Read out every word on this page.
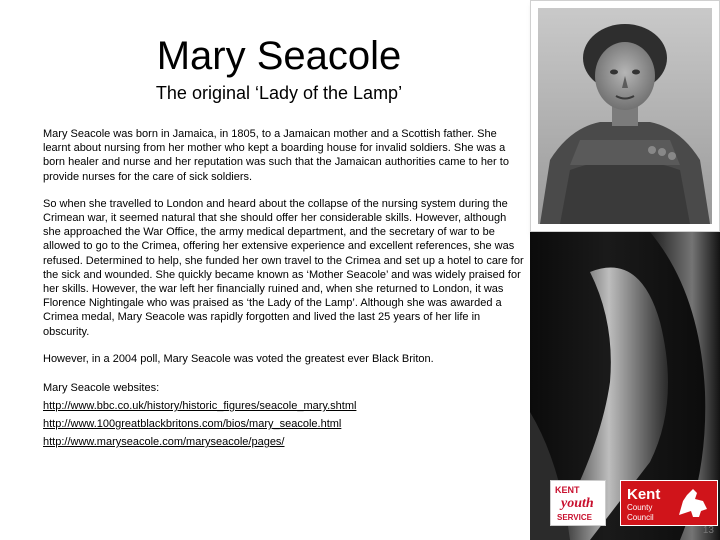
Mary Seacole
The original ‘Lady of the Lamp’

Mary Seacole was born in Jamaica, in 1805, to a Jamaican mother and a Scottish father. She learnt about nursing from her mother who kept a boarding house for invalid soldiers. She was a born healer and nurse and her reputation was such that the Jamaican authorities came to her to provide nurses for the care of sick soldiers.

So when she travelled to London and heard about the collapse of the nursing system during the Crimean war, it seemed natural that she should offer her considerable skills. However, although she approached the War Office, the army medical department, and the secretary of war to be allowed to go to the Crimea, offering her extensive experience and excellent references, she was refused. Determined to help, she funded her own travel to the Crimea and set up a hotel to care for the sick and wounded. She quickly became known as ‘Mother Seacole’ and was widely praised for her skills. However, the war left her financially ruined and, when she returned to London, it was Florence Nightingale who was praised as ‘the Lady of the Lamp’. Although she was awarded a Crimea medal, Mary Seacole was rapidly forgotten and lived the last 25 years of her life in obscurity.

However, in a 2004 poll, Mary Seacole was voted the greatest ever Black Briton.

Mary Seacole websites:
http://www.bbc.co.uk/history/historic_figures/seacole_mary.shtml
http://www.100greatblackbritons.com/bios/mary_seacole.html
http://www.maryseacole.com/maryseacole/pages/
KENT
youth
SERVICE
Kent
County
Council
13
